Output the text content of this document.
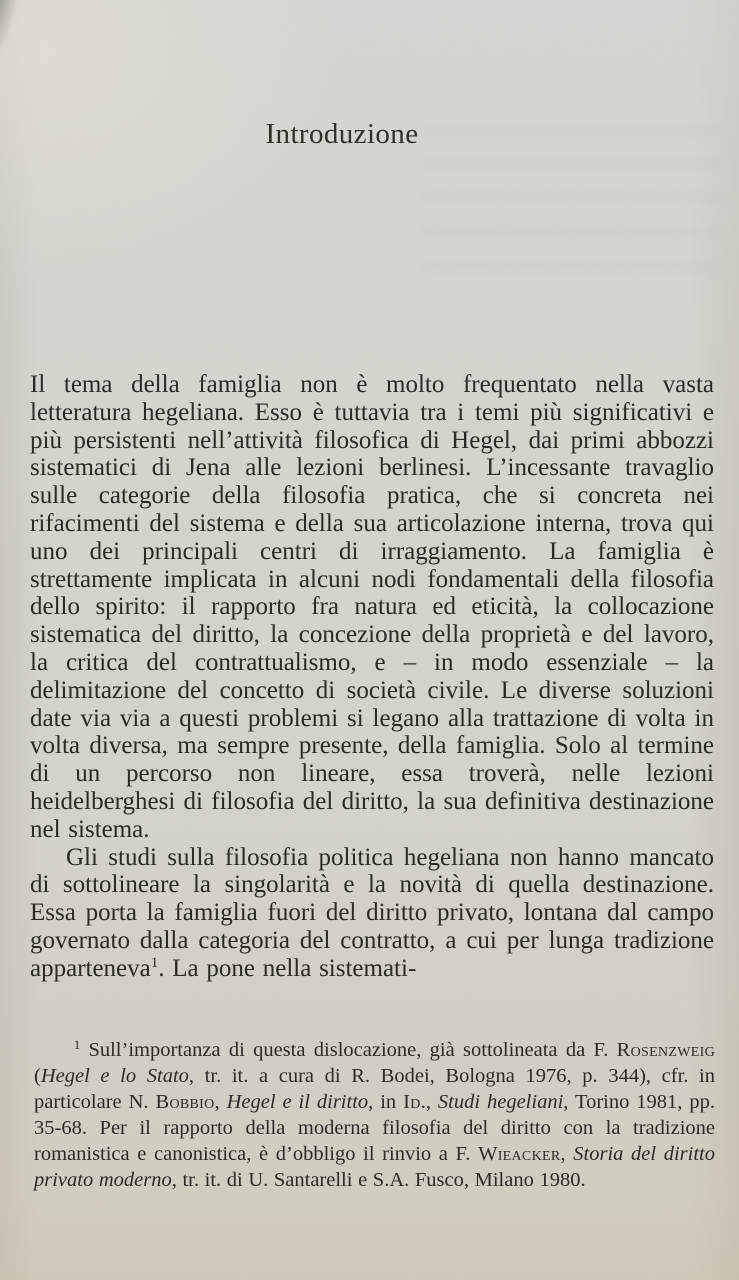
Introduzione

Il tema della famiglia non è molto frequentato nella vasta letteratura hegeliana. Esso è tuttavia tra i temi più significativi e più persistenti nell’attività filosofica di Hegel, dai primi abbozzi sistematici di Jena alle lezioni berlinesi. L’incessante travaglio sulle categorie della filosofia pratica, che si concreta nei rifacimenti del sistema e della sua articolazione interna, trova qui uno dei principali centri di irraggiamento. La famiglia è strettamente implicata in alcuni nodi fondamentali della filosofia dello spirito: il rapporto fra natura ed eticità, la collocazione sistematica del diritto, la concezione della proprietà e del lavoro, la critica del contrattualismo, e – in modo essenziale – la delimitazione del concetto di società civile. Le diverse soluzioni date via via a questi problemi si legano alla trattazione di volta in volta diversa, ma sempre presente, della famiglia. Solo al termine di un percorso non lineare, essa troverà, nelle lezioni heidelberghesi di filosofia del diritto, la sua definitiva destinazione nel sistema.

Gli studi sulla filosofia politica hegeliana non hanno mancato di sottolineare la singolarità e la novità di quella destinazione. Essa porta la famiglia fuori del diritto privato, lontana dal campo governato dalla categoria del contratto, a cui per lunga tradizione apparteneva$^1$. La pone nella sistemati-

$^1$ Sull’importanza di questa dislocazione, già sottolineata da F. Rosenzweig (Hegel e lo Stato, tr. it. a cura di R. Bodei, Bologna 1976, p. 344), cfr. in particolare N. Bobbio, Hegel e il diritto, in Id., Studi hegeliani, Torino 1981, pp. 35-68. Per il rapporto della moderna filosofia del diritto con la tradizione romanistica e canonistica, è d’obbligo il rinvio a F. Wieacker, Storia del diritto privato moderno, tr. it. di U. Santarelli e S.A. Fusco, Milano 1980.
